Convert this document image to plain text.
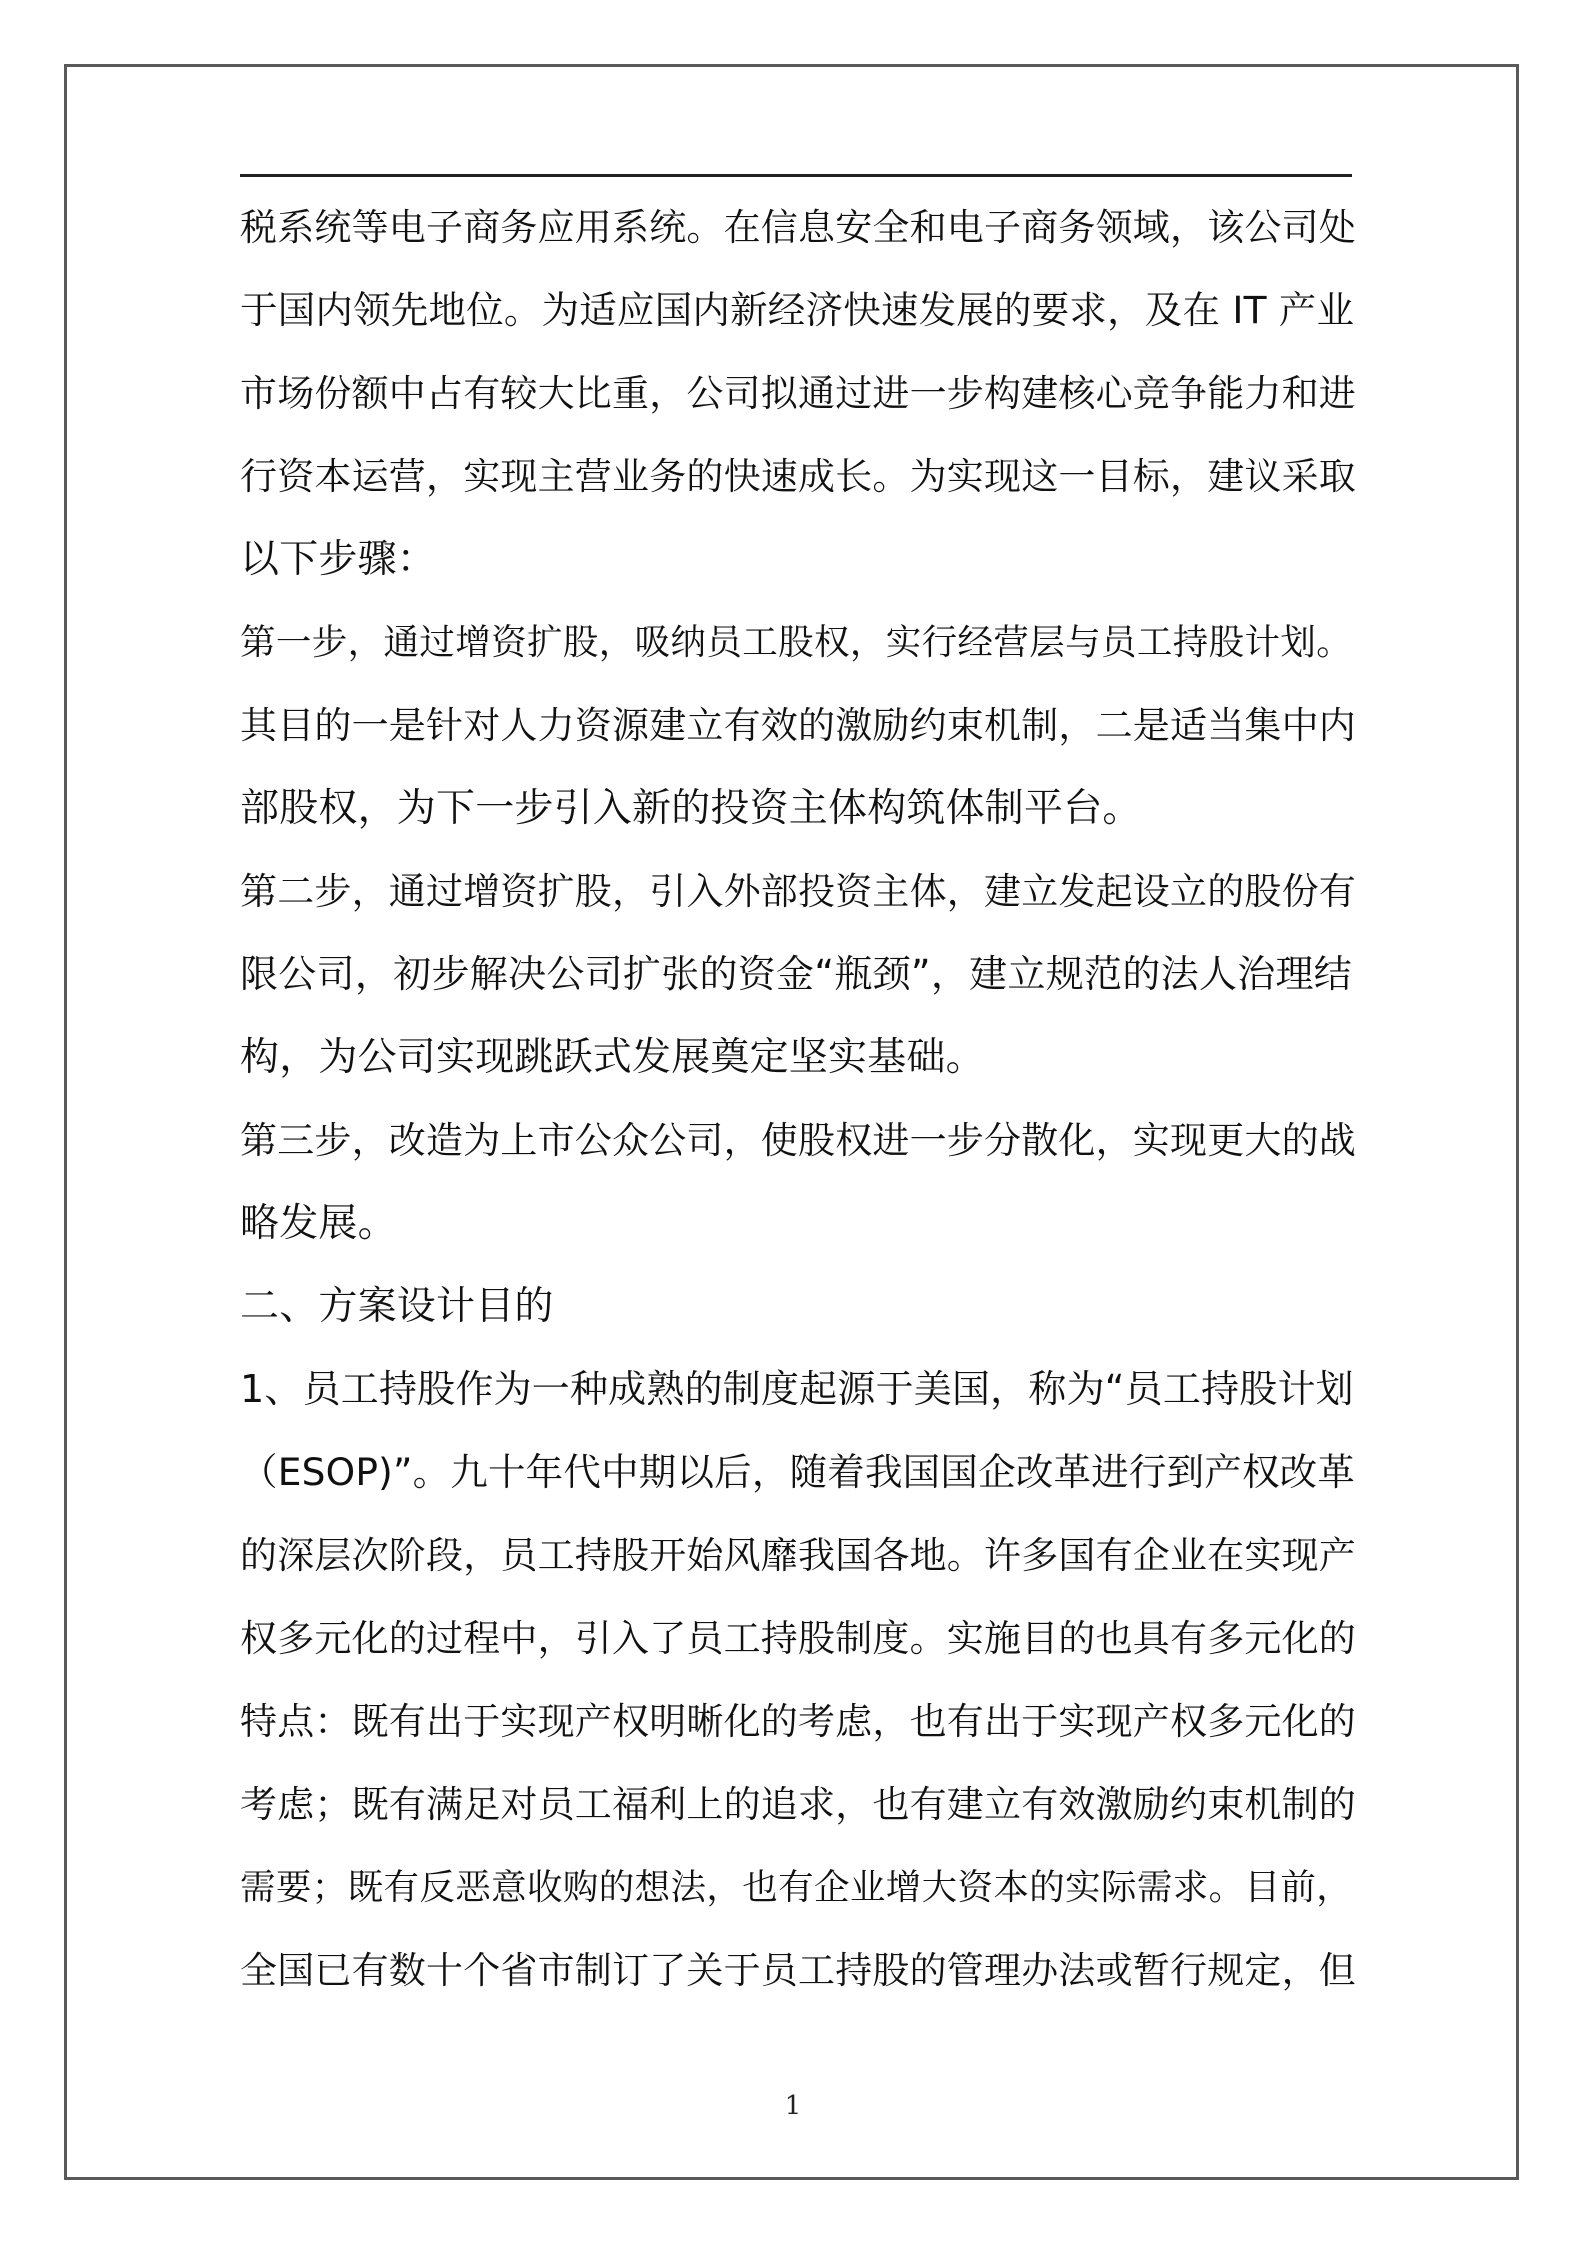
税系统等电子商务应用系统。在信息安全和电子商务领域，该公司处
于国内领先地位。为适应国内新经济快速发展的要求，及在 IT 产业
市场份额中占有较大比重，公司拟通过进一步构建核心竞争能力和进
行资本运营，实现主营业务的快速成长。为实现这一目标，建议采取
以下步骤：
第一步，通过增资扩股，吸纳员工股权，实行经营层与员工持股计划。
其目的一是针对人力资源建立有效的激励约束机制，二是适当集中内
部股权，为下一步引入新的投资主体构筑体制平台。
第二步，通过增资扩股，引入外部投资主体，建立发起设立的股份有
限公司，初步解决公司扩张的资金“瓶颈”，建立规范的法人治理结
构，为公司实现跳跃式发展奠定坚实基础。
第三步，改造为上市公众公司，使股权进一步分散化，实现更大的战
略发展。
二、方案设计目的
1、员工持股作为一种成熟的制度起源于美国，称为“员工持股计划
（ESOP)”。九十年代中期以后，随着我国国企改革进行到产权改革
的深层次阶段，员工持股开始风靡我国各地。许多国有企业在实现产
权多元化的过程中，引入了员工持股制度。实施目的也具有多元化的
特点：既有出于实现产权明晰化的考虑，也有出于实现产权多元化的
考虑；既有满足对员工福利上的追求，也有建立有效激励约束机制的
需要；既有反恶意收购的想法，也有企业增大资本的实际需求。目前，
全国已有数十个省市制订了关于员工持股的管理办法或暂行规定，但
1
